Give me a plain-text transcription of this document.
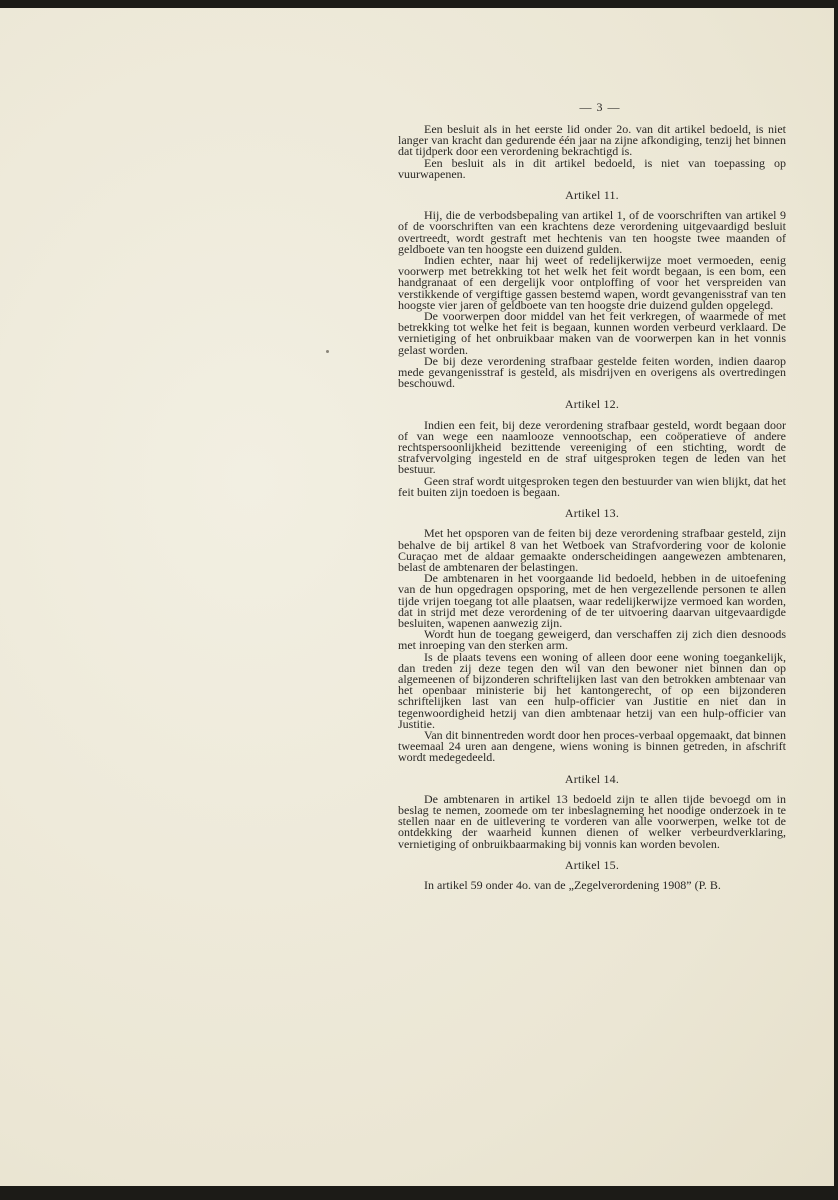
— 3 —

Een besluit als in het eerste lid onder 2o. van dit artikel bedoeld, is niet langer van kracht dan gedurende één jaar na zijne afkondiging, tenzij het binnen dat tijdperk door een verordening bekrachtigd is.

Een besluit als in dit artikel bedoeld, is niet van toepassing op vuurwapenen.

Artikel 11.

Hij, die de verbodsbepaling van artikel 1, of de voorschriften van artikel 9 of de voorschriften van een krachtens deze verordening uitgevaardigd besluit overtreedt, wordt gestraft met hechtenis van ten hoogste twee maanden of geldboete van ten hoogste een duizend gulden.

Indien echter, naar hij weet of redelijkerwijze moet vermoeden, eenig voorwerp met betrekking tot het welk het feit wordt begaan, is een bom, een handgranaat of een dergelijk voor ontploffing of voor het verspreiden van verstikkende of vergiftige gassen bestemd wapen, wordt gevangenisstraf van ten hoogste vier jaren of geldboete van ten hoogste drie duizend gulden opgelegd.

De voorwerpen door middel van het feit verkregen, of waarmede of met betrekking tot welke het feit is begaan, kunnen worden verbeurd verklaard. De vernietiging of het onbruikbaar maken van de voorwerpen kan in het vonnis gelast worden.

De bij deze verordening strafbaar gestelde feiten worden, indien daarop mede gevangenisstraf is gesteld, als misdrijven en overigens als overtredingen beschouwd.

Artikel 12.

Indien een feit, bij deze verordening strafbaar gesteld, wordt begaan door of van wege een naamlooze vennootschap, een coöperatieve of andere rechtspersoonlijkheid bezittende vereeniging of een stichting, wordt de strafvervolging ingesteld en de straf uitgesproken tegen de leden van het bestuur.

Geen straf wordt uitgesproken tegen den bestuurder van wien blijkt, dat het feit buiten zijn toedoen is begaan.

Artikel 13.

Met het opsporen van de feiten bij deze verordening strafbaar gesteld, zijn behalve de bij artikel 8 van het Wetboek van Strafvordering voor de kolonie Curaçao met de aldaar gemaakte onderscheidingen aangewezen ambtenaren, belast de ambtenaren der belastingen.

De ambtenaren in het voorgaande lid bedoeld, hebben in de uitoefening van de hun opgedragen opsporing, met de hen vergezellende personen te allen tijde vrijen toegang tot alle plaatsen, waar redelijkerwijze vermoed kan worden, dat in strijd met deze verordening of de ter uitvoering daarvan uitgevaardigde besluiten, wapenen aanwezig zijn.

Wordt hun de toegang geweigerd, dan verschaffen zij zich dien desnoods met inroeping van den sterken arm.

Is de plaats tevens een woning of alleen door eene woning toegankelijk, dan treden zij deze tegen den wil van den bewoner niet binnen dan op algemeenen of bijzonderen schriftelijken last van den betrokken ambtenaar van het openbaar ministerie bij het kantongerecht, of op een bijzonderen schriftelijken last van een hulp-officier van Justitie en niet dan in tegenwoordigheid hetzij van dien ambtenaar hetzij van een hulp-officier van Justitie.

Van dit binnentreden wordt door hen proces-verbaal opgemaakt, dat binnen tweemaal 24 uren aan dengene, wiens woning is binnen getreden, in afschrift wordt medegedeeld.

Artikel 14.

De ambtenaren in artikel 13 bedoeld zijn te allen tijde bevoegd om in beslag te nemen, zoomede om ter inbeslagneming het noodige onderzoek in te stellen naar en de uitlevering te vorderen van alle voorwerpen, welke tot de ontdekking der waarheid kunnen dienen of welker verbeurdverklaring, vernietiging of onbruikbaarmaking bij vonnis kan worden bevolen.

Artikel 15.

In artikel 59 onder 4o. van de „Zegelverordening 1908” (P. B.
